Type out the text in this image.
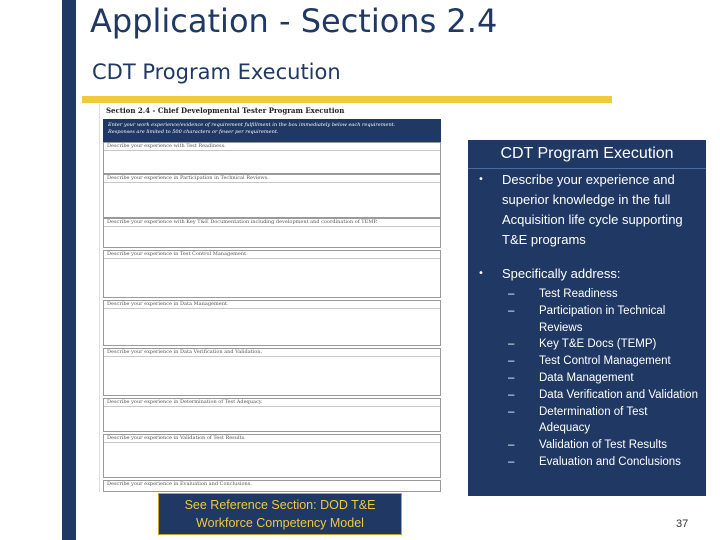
Application - Sections 2.4
CDT Program Execution
Section 2.4 - Chief Developmental Tester Program Execution
Enter your work experience/evidence of requirement fulfillment in the box immediately below each requirement.
Responses are limited to 500 characters or fewer per requirement.
Describe your experience with Test Readiness.
Describe your experience in Participation in Technical Reviews.
Describe your experience with Key T&E Documentation including development and coordination of TEMP.
Describe your experience in Test Control Management.
Describe your experience in Data Management.
Describe your experience in Data Verification and Validation.
Describe your experience in Determination of Test Adequacy.
Describe your experience in Validation of Test Results.
Describe your experience in Evaluation and Conclusions.
CDT Program Execution
• Describe your experience and superior knowledge in the full Acquisition life cycle supporting T&E programs
• Specifically address:
– Test Readiness
– Participation in Technical Reviews
– Key T&E Docs (TEMP)
– Test Control Management
– Data Management
– Data Verification and Validation
– Determination of Test Adequacy
– Validation of Test Results
– Evaluation and Conclusions
See Reference Section: DOD T&E
Workforce Competency Model	37
